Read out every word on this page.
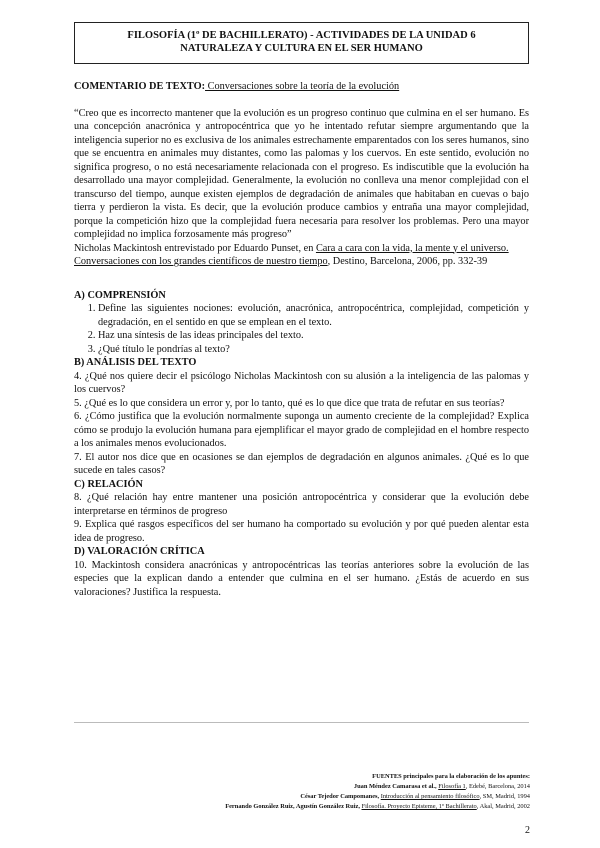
FILOSOFÍA (1º DE BACHILLERATO) - ACTIVIDADES DE LA UNIDAD 6
NATURALEZA Y CULTURA EN EL SER HUMANO

COMENTARIO DE TEXTO: Conversaciones sobre la teoría de la evolución

“Creo que es incorrecto mantener que la evolución es un progreso continuo que culmina en el ser humano. Es una concepción anacrónica y antropocéntrica que yo he intentado refutar siempre argumentando que la inteligencia superior no es exclusiva de los animales estrechamente emparentados con los seres humanos, sino que se encuentra en animales muy distantes, como las palomas y los cuervos. En este sentido, evolución no significa progreso, o no está necesariamente relacionada con el progreso. Es indiscutible que la evolución ha desarrollado una mayor complejidad. Generalmente, la evolución no conlleva una menor complejidad con el transcurso del tiempo, aunque existen ejemplos de degradación de animales que habitaban en cuevas o bajo tierra y perdieron la vista. Es decir, que la evolución produce cambios y entraña una mayor complejidad, porque la competición hizo que la complejidad fuera necesaria para resolver los problemas. Pero una mayor complejidad no implica forzosamente más progreso”

Nicholas Mackintosh entrevistado por Eduardo Punset, en Cara a cara con la vida, la mente y el universo. Conversaciones con los grandes científicos de nuestro tiempo, Destino, Barcelona, 2006, pp. 332-39

A) COMPRENSIÓN

1. Define las siguientes nociones: evolución, anacrónica, antropocéntrica, complejidad, competición y degradación, en el sentido en que se emplean en el texto.
2. Haz una síntesis de las ideas principales del texto.
3. ¿Qué título le pondrías al texto?

B) ANÁLISIS DEL TEXTO

4. ¿Qué nos quiere decir el psicólogo Nicholas Mackintosh con su alusión a la inteligencia de las palomas y los cuervos?

5. ¿Qué es lo que considera un error y, por lo tanto, qué es lo que dice que trata de refutar en sus teorías?

6. ¿Cómo justifica que la evolución normalmente suponga un aumento creciente de la complejidad? Explica cómo se produjo la evolución humana para ejemplificar el mayor grado de complejidad en el hombre respecto a los animales menos evolucionados.

7. El autor nos dice que en ocasiones se dan ejemplos de degradación en algunos animales. ¿Qué es lo que sucede en tales casos?

C) RELACIÓN

8. ¿Qué relación hay entre mantener una posición antropocéntrica y considerar que la evolución debe interpretarse en términos de progreso

9. Explica qué rasgos específicos del ser humano ha comportado su evolución y por qué pueden alentar esta idea de progreso.

D) VALORACIÓN CRÍTICA

10. Mackintosh considera anacrónicas y antropocéntricas las teorías anteriores sobre la evolución de las especies que la explican dando a entender que culmina en el ser humano. ¿Estás de acuerdo en sus valoraciones? Justifica la respuesta.

FUENTES principales para la elaboración de los apuntes:
Juan Méndez Camarasa et al., Filosofía 1, Edebé, Barcelona, 2014
César Tejedor Campomanes, Introducción al pensamiento filosófico, SM, Madrid, 1994
Fernando González Ruiz, Agustín González Ruiz, Filosofía. Proyecto Episteme, 1º Bachillerato, Akal, Madrid, 2002
2
